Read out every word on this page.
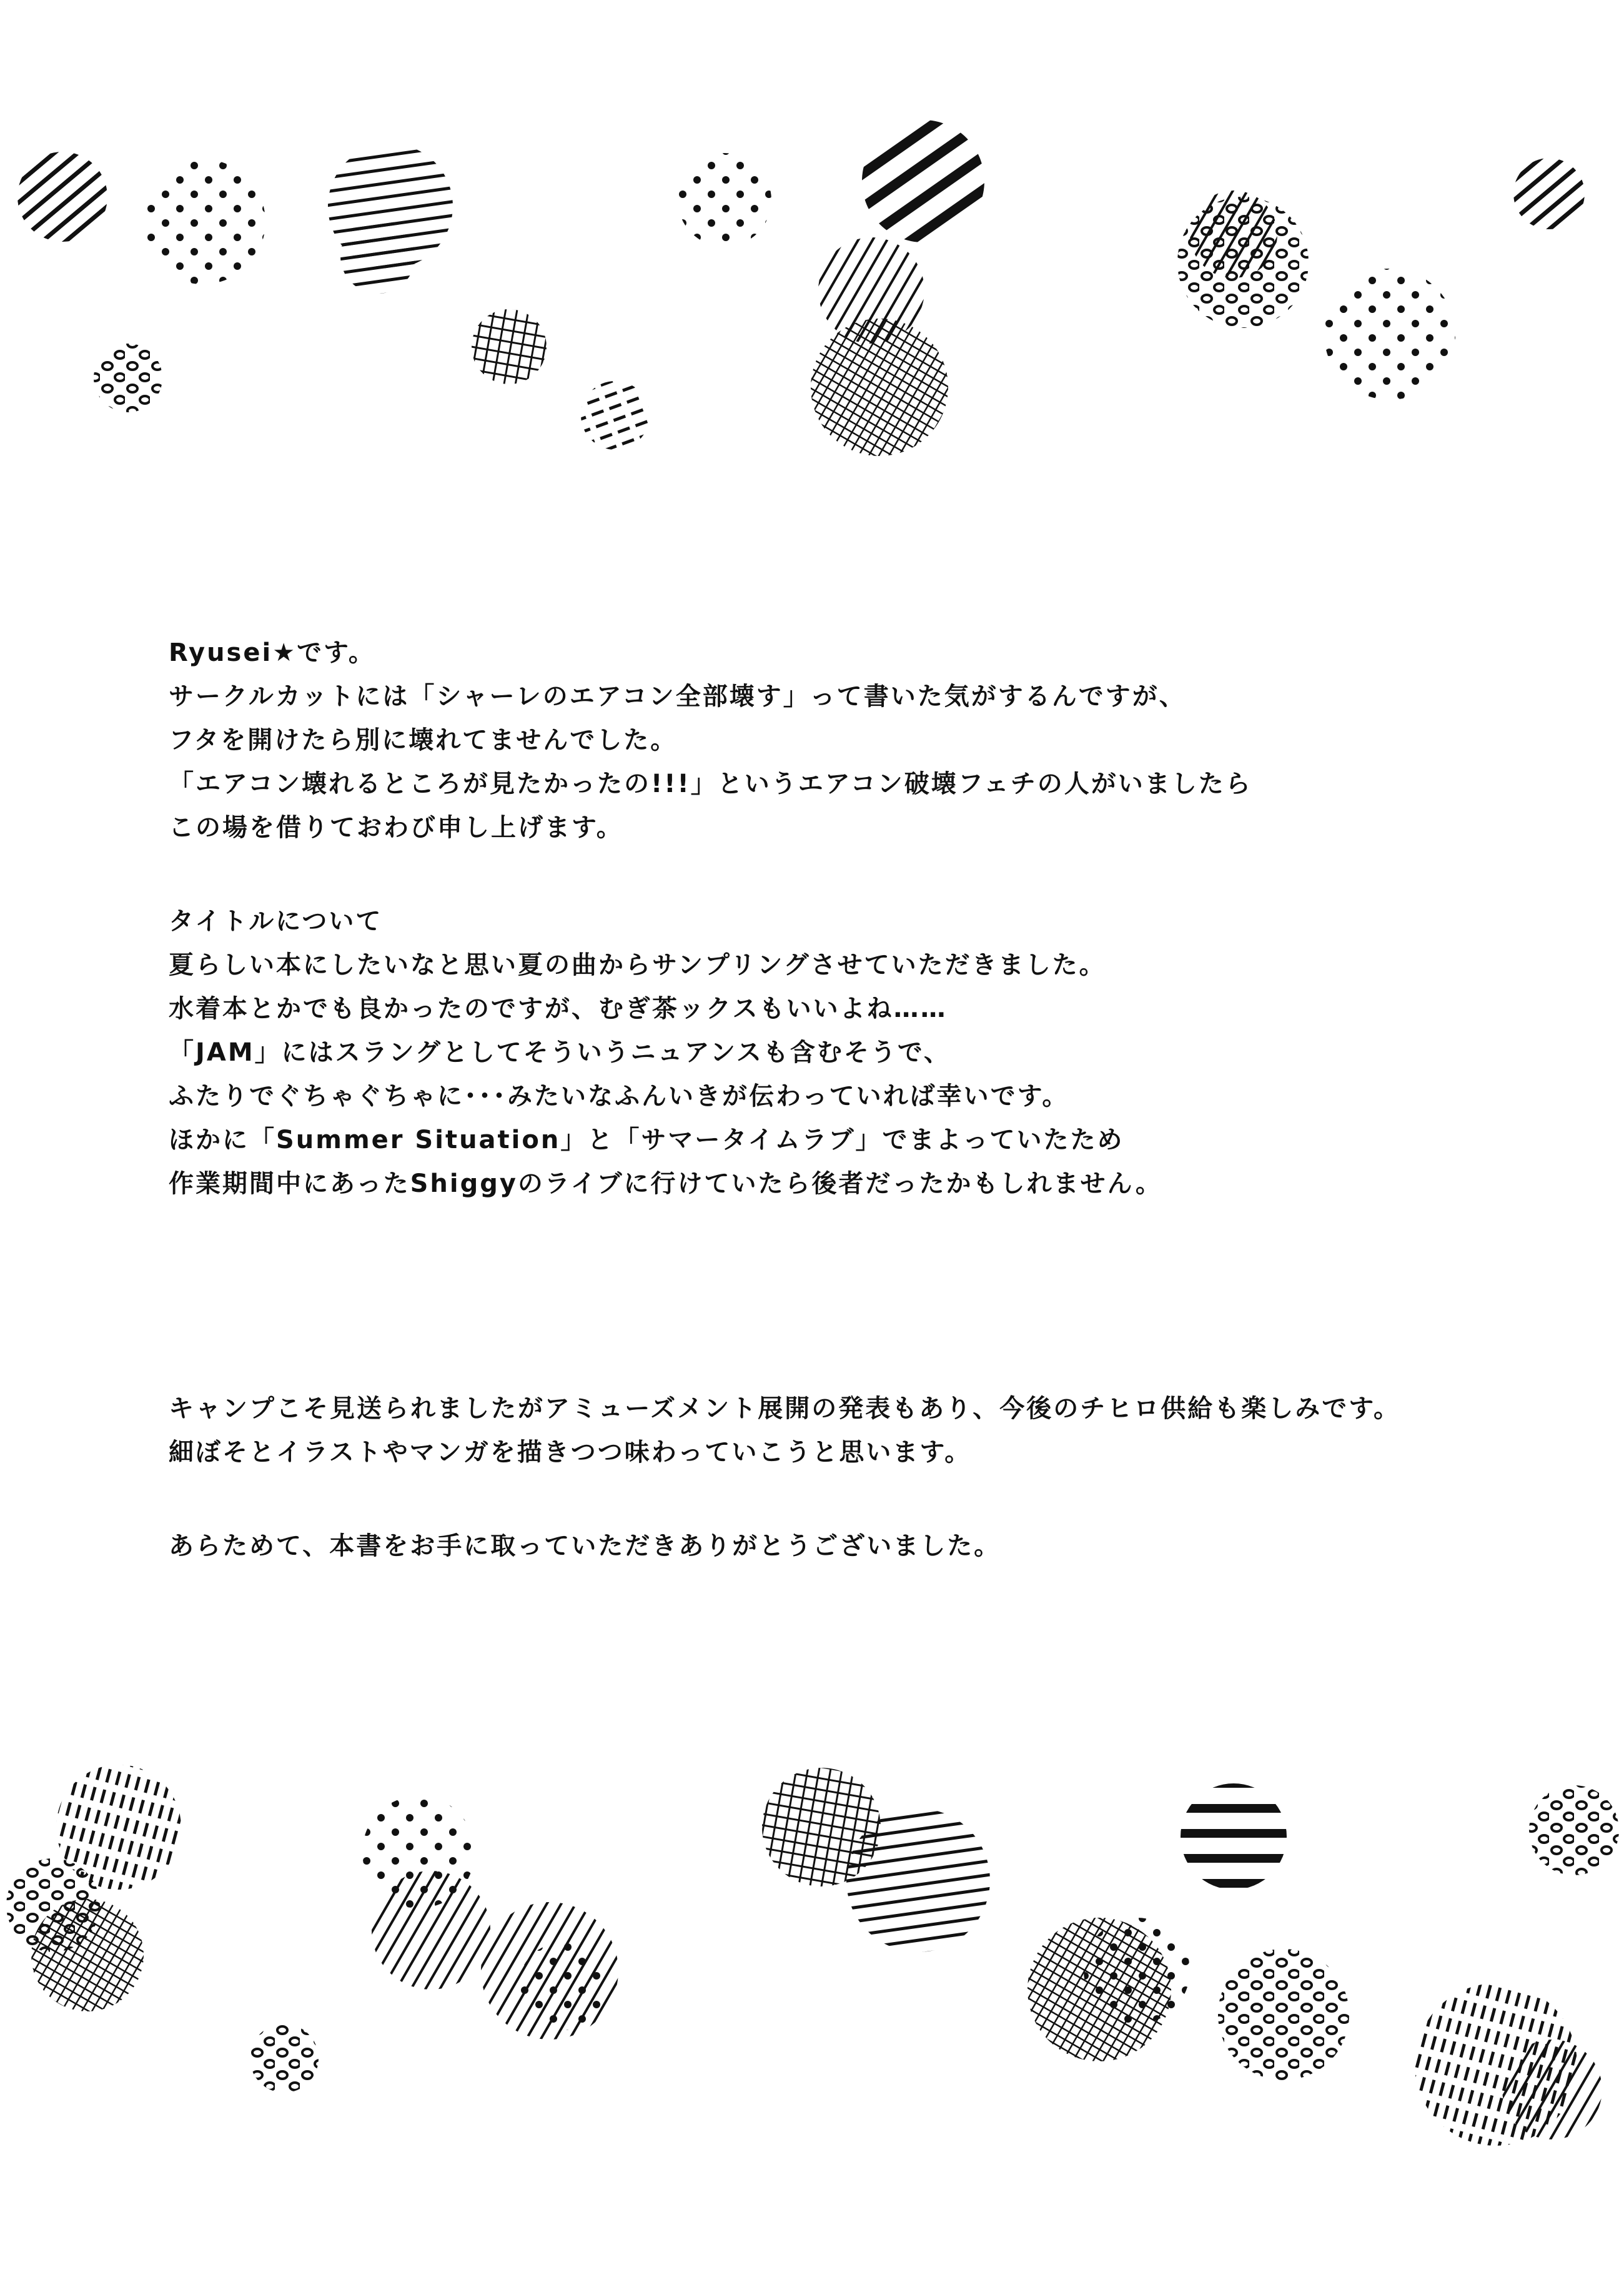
Ryusei★です。
サークルカットには「シャーレのエアコン全部壊す」って書いた気がするんですが、
フタを開けたら別に壊れてませんでした。
「エアコン壊れるところが見たかったの!!!」というエアコン破壊フェチの人がいましたら
この場を借りておわび申し上げます。
タイトルについて
夏らしい本にしたいなと思い夏の曲からサンプリングさせていただきました。
水着本とかでも良かったのですが、むぎ茶ックスもいいよね……
「JAM」にはスラングとしてそういうニュアンスも含むそうで、
ふたりでぐちゃぐちゃに･･･みたいなふんいきが伝わっていれば幸いです。
ほかに「Summer Situation」と「サマータイムラブ」でまよっていたため
作業期間中にあったShiggyのライブに行けていたら後者だったかもしれません。
キャンプこそ見送られましたがアミューズメント展開の発表もあり、今後のチヒロ供給も楽しみです。
細ぼそとイラストやマンガを描きつつ味わっていこうと思います。
あらためて、本書をお手に取っていただきありがとうございました。
